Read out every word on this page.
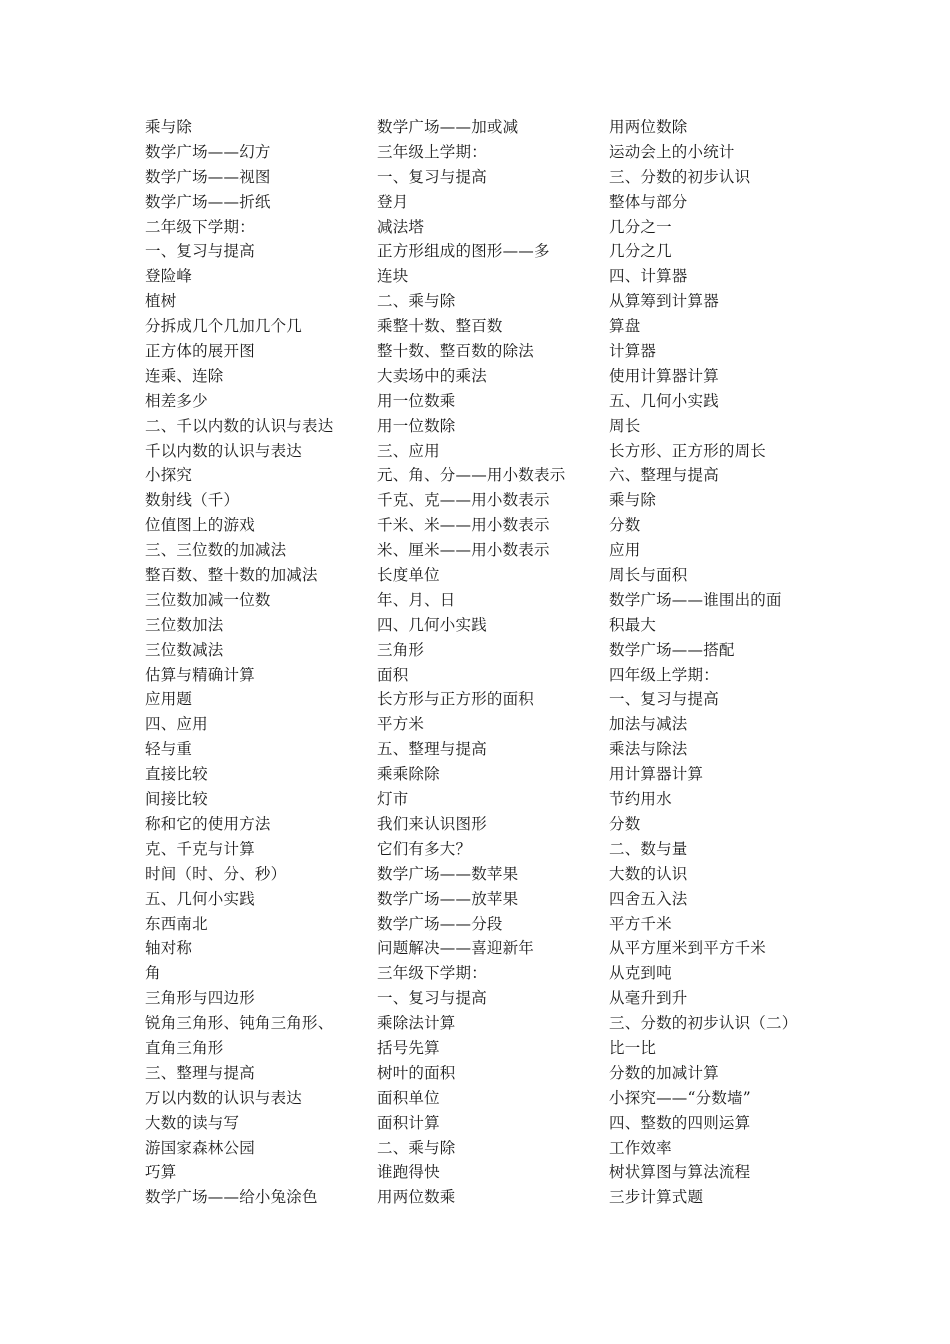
乘与除
数学广场——幻方
数学广场——视图
数学广场——折纸
二年级下学期：
一、复习与提高
登险峰
植树
分拆成几个几加几个几
正方体的展开图
连乘、连除
相差多少
二、千以内数的认识与表达
千以内数的认识与表达
小探究
数射线（千）
位值图上的游戏
三、三位数的加减法
整百数、整十数的加减法
三位数加减一位数
三位数加法
三位数减法
估算与精确计算
应用题
四、应用
轻与重
直接比较
间接比较
称和它的使用方法
克、千克与计算
时间（时、分、秒）
五、几何小实践
东西南北
轴对称
角
三角形与四边形
锐角三角形、钝角三角形、
直角三角形
三、整理与提高
万以内数的认识与表达
大数的读与写
游国家森林公园
巧算
数学广场——给小兔涂色
数学广场——加或减
三年级上学期：
一、复习与提高
登月
减法塔
正方形组成的图形——多
连块
二、乘与除
乘整十数、整百数
整十数、整百数的除法
大卖场中的乘法
用一位数乘
用一位数除
三、应用
元、角、分——用小数表示
千克、克——用小数表示
千米、米——用小数表示
米、厘米——用小数表示
长度单位
年、月、日
四、几何小实践
三角形
面积
长方形与正方形的面积
平方米
五、整理与提高
乘乘除除
灯市
我们来认识图形
它们有多大？
数学广场——数苹果
数学广场——放苹果
数学广场——分段
问题解决——喜迎新年
三年级下学期：
一、复习与提高
乘除法计算
括号先算
树叶的面积
面积单位
面积计算
二、乘与除
谁跑得快
用两位数乘
用两位数除
运动会上的小统计
三、分数的初步认识
整体与部分
几分之一
几分之几
四、计算器
从算筹到计算器
算盘
计算器
使用计算器计算
五、几何小实践
周长
长方形、正方形的周长
六、整理与提高
乘与除
分数
应用
周长与面积
数学广场——谁围出的面
积最大
数学广场——搭配
四年级上学期：
一、复习与提高
加法与减法
乘法与除法
用计算器计算
节约用水
分数
二、数与量
大数的认识
四舍五入法
平方千米
从平方厘米到平方千米
从克到吨
从毫升到升
三、分数的初步认识（二）
比一比
分数的加减计算
小探究——“分数墙”
四、整数的四则运算
工作效率
树状算图与算法流程
三步计算式题
